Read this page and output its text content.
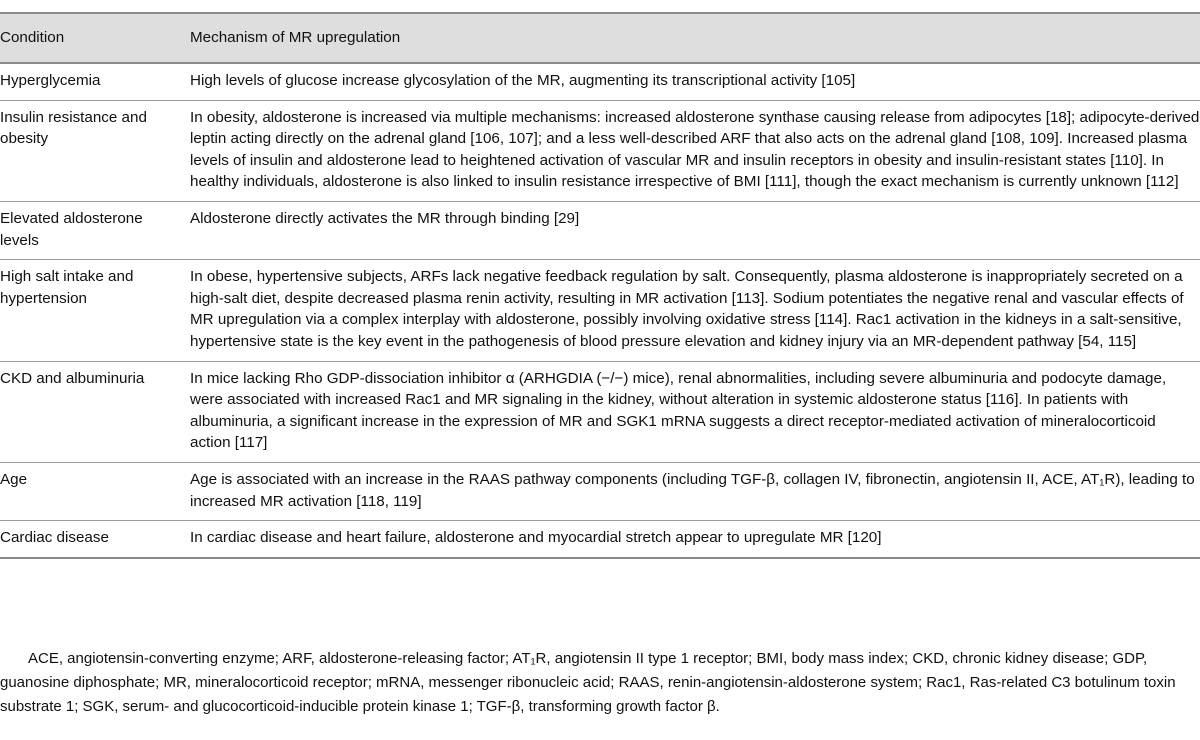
Condition	Mechanism of MR upregulation

Hyperglycemia	High levels of glucose increase glycosylation of the MR, augmenting its transcriptional activity [105]

Insulin resistance and obesity	In obesity, aldosterone is increased via multiple mechanisms: increased aldosterone synthase causing release from adipocytes [18]; adipocyte-derived leptin acting directly on the adrenal gland [106, 107]; and a less well-described ARF that also acts on the adrenal gland [108, 109]. Increased plasma levels of insulin and aldosterone lead to heightened activation of vascular MR and insulin receptors in obesity and insulin-resistant states [110]. In healthy individuals, aldosterone is also linked to insulin resistance irrespective of BMI [111], though the exact mechanism is currently unknown [112]

Elevated aldosterone levels	Aldosterone directly activates the MR through binding [29]

High salt intake and hypertension	In obese, hypertensive subjects, ARFs lack negative feedback regulation by salt. Consequently, plasma aldosterone is inappropriately secreted on a high-salt diet, despite decreased plasma renin activity, resulting in MR activation [113]. Sodium potentiates the negative renal and vascular effects of MR upregulation via a complex interplay with aldosterone, possibly involving oxidative stress [114]. Rac1 activation in the kidneys in a salt-sensitive, hypertensive state is the key event in the pathogenesis of blood pressure elevation and kidney injury via an MR-dependent pathway [54, 115]

CKD and albuminuria	In mice lacking Rho GDP-dissociation inhibitor α (ARHGDIA (−/−) mice), renal abnormalities, including severe albuminuria and podocyte damage, were associated with increased Rac1 and MR signaling in the kidney, without alteration in systemic aldosterone status [116]. In patients with albuminuria, a significant increase in the expression of MR and SGK1 mRNA suggests a direct receptor-mediated activation of mineralocorticoid action [117]

Age	Age is associated with an increase in the RAAS pathway components (including TGF-β, collagen IV, fibronectin, angiotensin II, ACE, AT₁R), leading to increased MR activation [118, 119]

Cardiac disease	In cardiac disease and heart failure, aldosterone and myocardial stretch appear to upregulate MR [120]

ACE, angiotensin-converting enzyme; ARF, aldosterone-releasing factor; AT₁R, angiotensin II type 1 receptor; BMI, body mass index; CKD, chronic kidney disease; GDP, guanosine diphosphate; MR, mineralocorticoid receptor; mRNA, messenger ribonucleic acid; RAAS, renin-angiotensin-aldosterone system; Rac1, Ras-related C3 botulinum toxin substrate 1; SGK, serum- and glucocorticoid-inducible protein kinase 1; TGF-β, transforming growth factor β.
